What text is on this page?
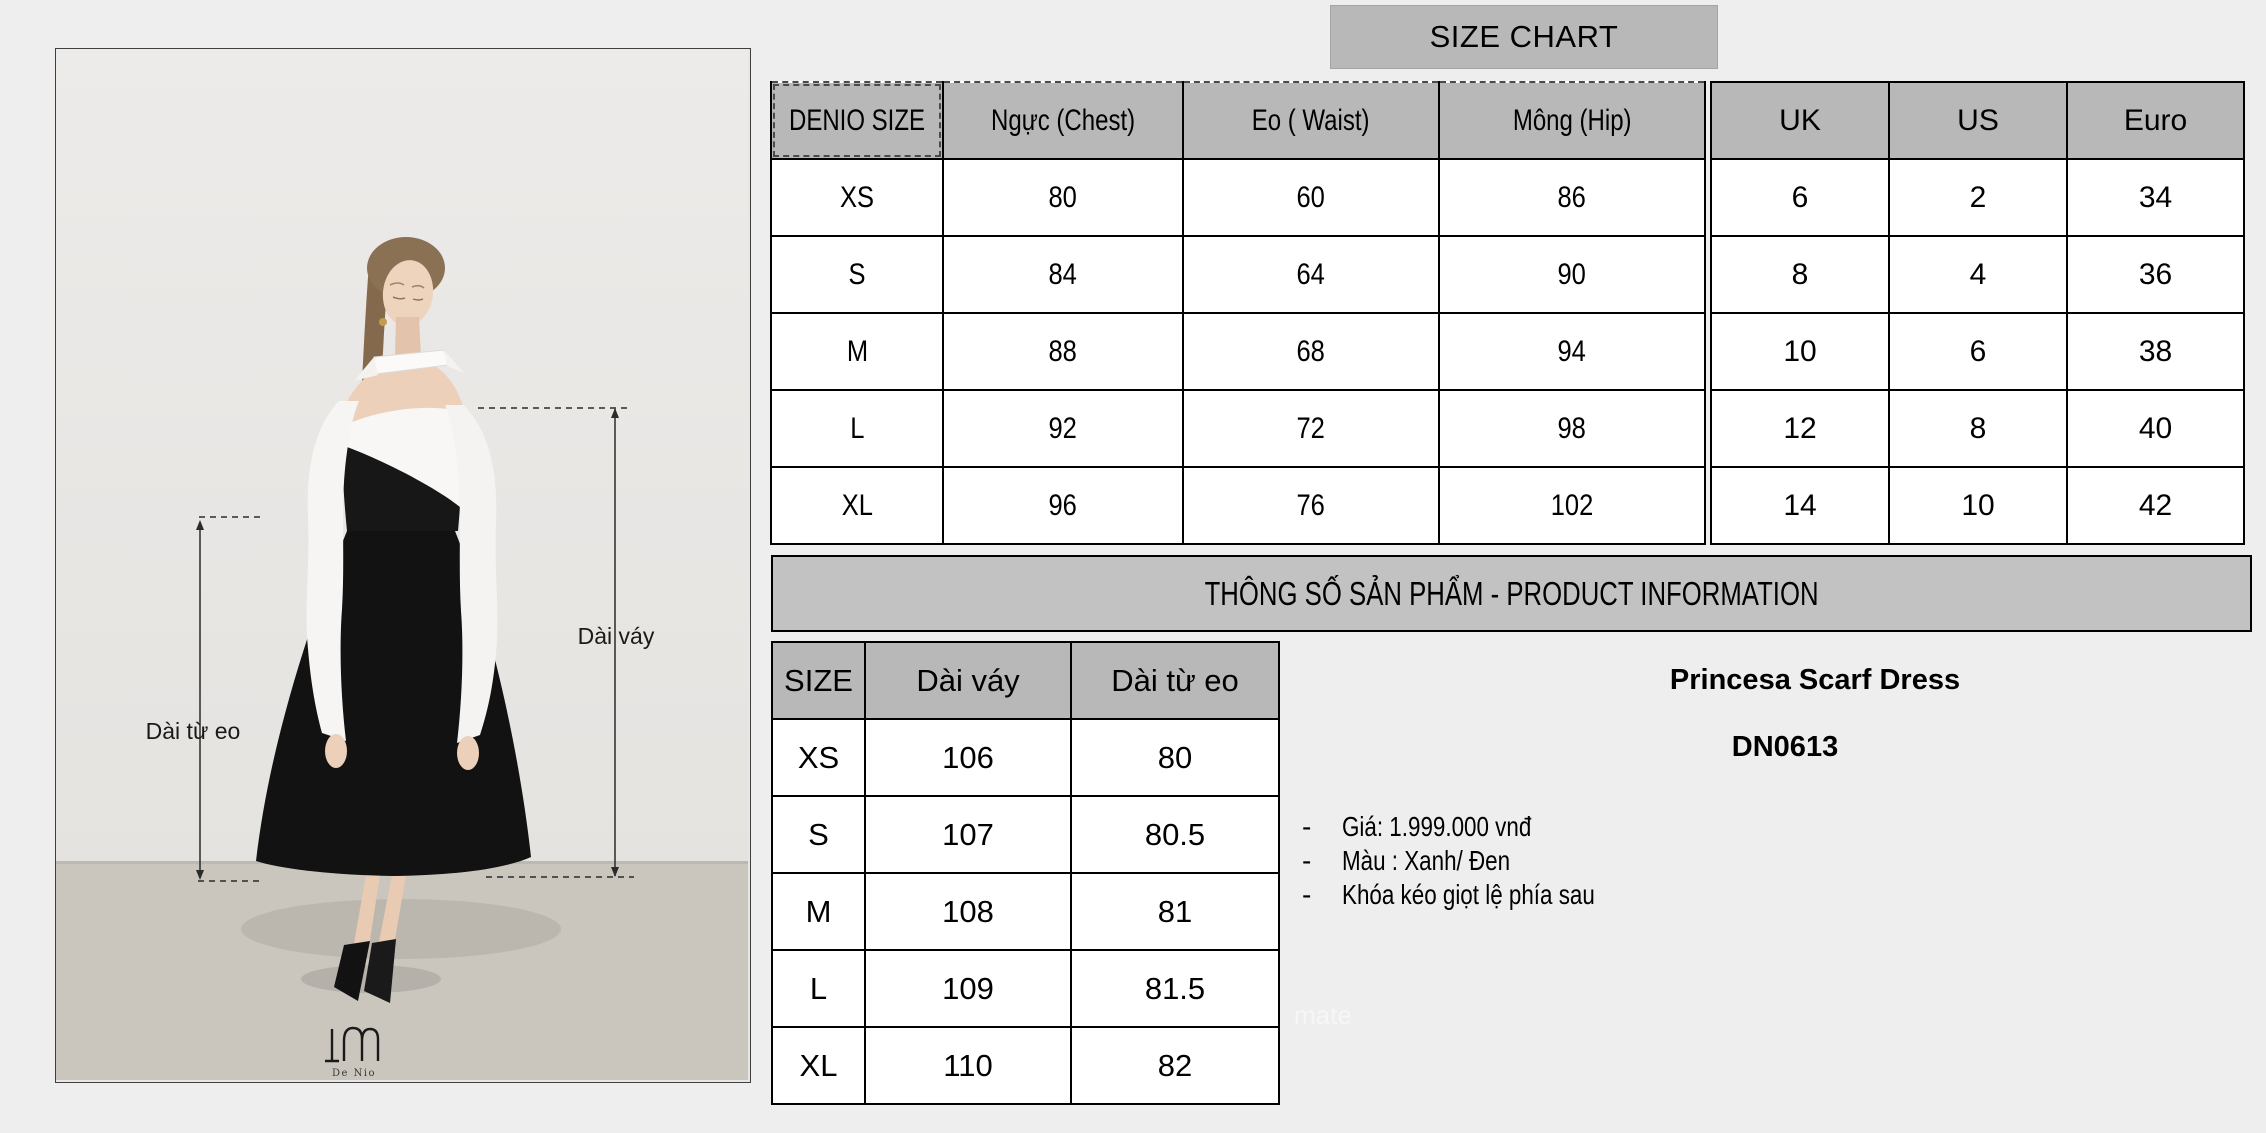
De Nio
Dài từ eo
Dài váy
SIZE CHART
DENIO SIZE	Ngực (Chest)	Eo ( Waist)	Mông (Hip)
XS	80	60	86
S	84	64	90
M	88	68	94
L	92	72	98
XL	96	76	102
UK	US	Euro
6	2	34
8	4	36
10	6	38
12	8	40
14	10	42
THÔNG SỐ SẢN PHẨM - PRODUCT INFORMATION
SIZE	Dài váy	Dài từ eo
XS	106	80
S	107	80.5
M	108	81
L	109	81.5
XL	110	82
Princesa Scarf Dress
DN0613
- Giá: 1.999.000 vnđ
- Màu : Xanh/ Đen
- Khóa kéo giọt lệ phía sau
mate
